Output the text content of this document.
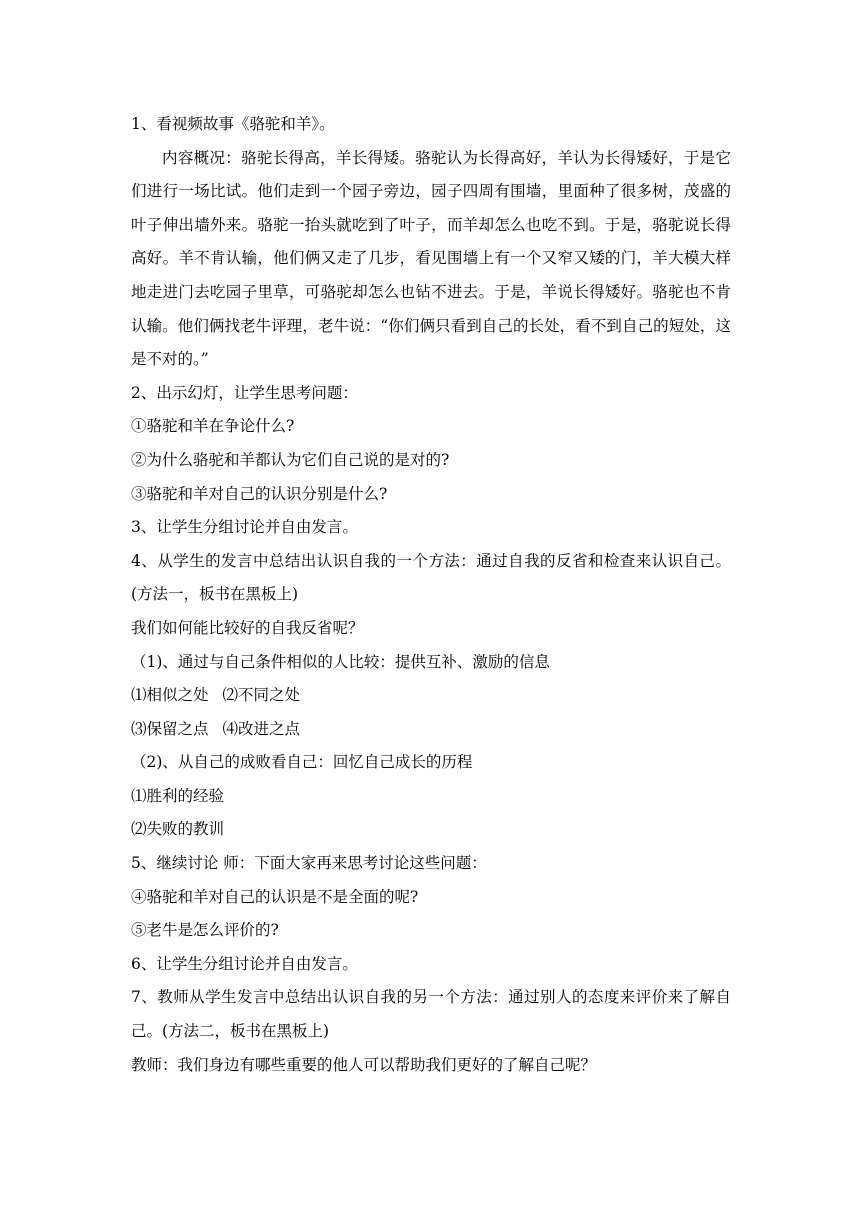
1、看视频故事《骆驼和羊》。
内容概况：骆驼长得高，羊长得矮。骆驼认为长得高好，羊认为长得矮好，于是它们进行一场比试。他们走到一个园子旁边，园子四周有围墙，里面种了很多树，茂盛的叶子伸出墙外来。骆驼一抬头就吃到了叶子，而羊却怎么也吃不到。于是，骆驼说长得高好。羊不肯认输，他们俩又走了几步，看见围墙上有一个又窄又矮的门，羊大模大样地走进门去吃园子里草，可骆驼却怎么也钻不进去。于是，羊说长得矮好。骆驼也不肯认输。他们俩找老牛评理，老牛说：“你们俩只看到自己的长处，看不到自己的短处，这是不对的。”
2、出示幻灯，让学生思考问题：
①骆驼和羊在争论什么?
②为什么骆驼和羊都认为它们自己说的是对的?
③骆驼和羊对自己的认识分别是什么?
3、让学生分组讨论并自由发言。
4、从学生的发言中总结出认识自我的一个方法：通过自我的反省和检查来认识自己。(方法一，板书在黑板上)
我们如何能比较好的自我反省呢？
（1)、通过与自己条件相似的人比较：提供互补、激励的信息
⑴相似之处 ⑵不同之处
⑶保留之点 ⑷改进之点
（2)、从自己的成败看自己：回忆自己成长的历程
⑴胜利的经验
⑵失败的教训
5、继续讨论 师：下面大家再来思考讨论这些问题：
④骆驼和羊对自己的认识是不是全面的呢?
⑤老牛是怎么评价的?
6、让学生分组讨论并自由发言。
7、教师从学生发言中总结出认识自我的另一个方法：通过别人的态度来评价来了解自己。(方法二，板书在黑板上)
教师：我们身边有哪些重要的他人可以帮助我们更好的了解自己呢？
